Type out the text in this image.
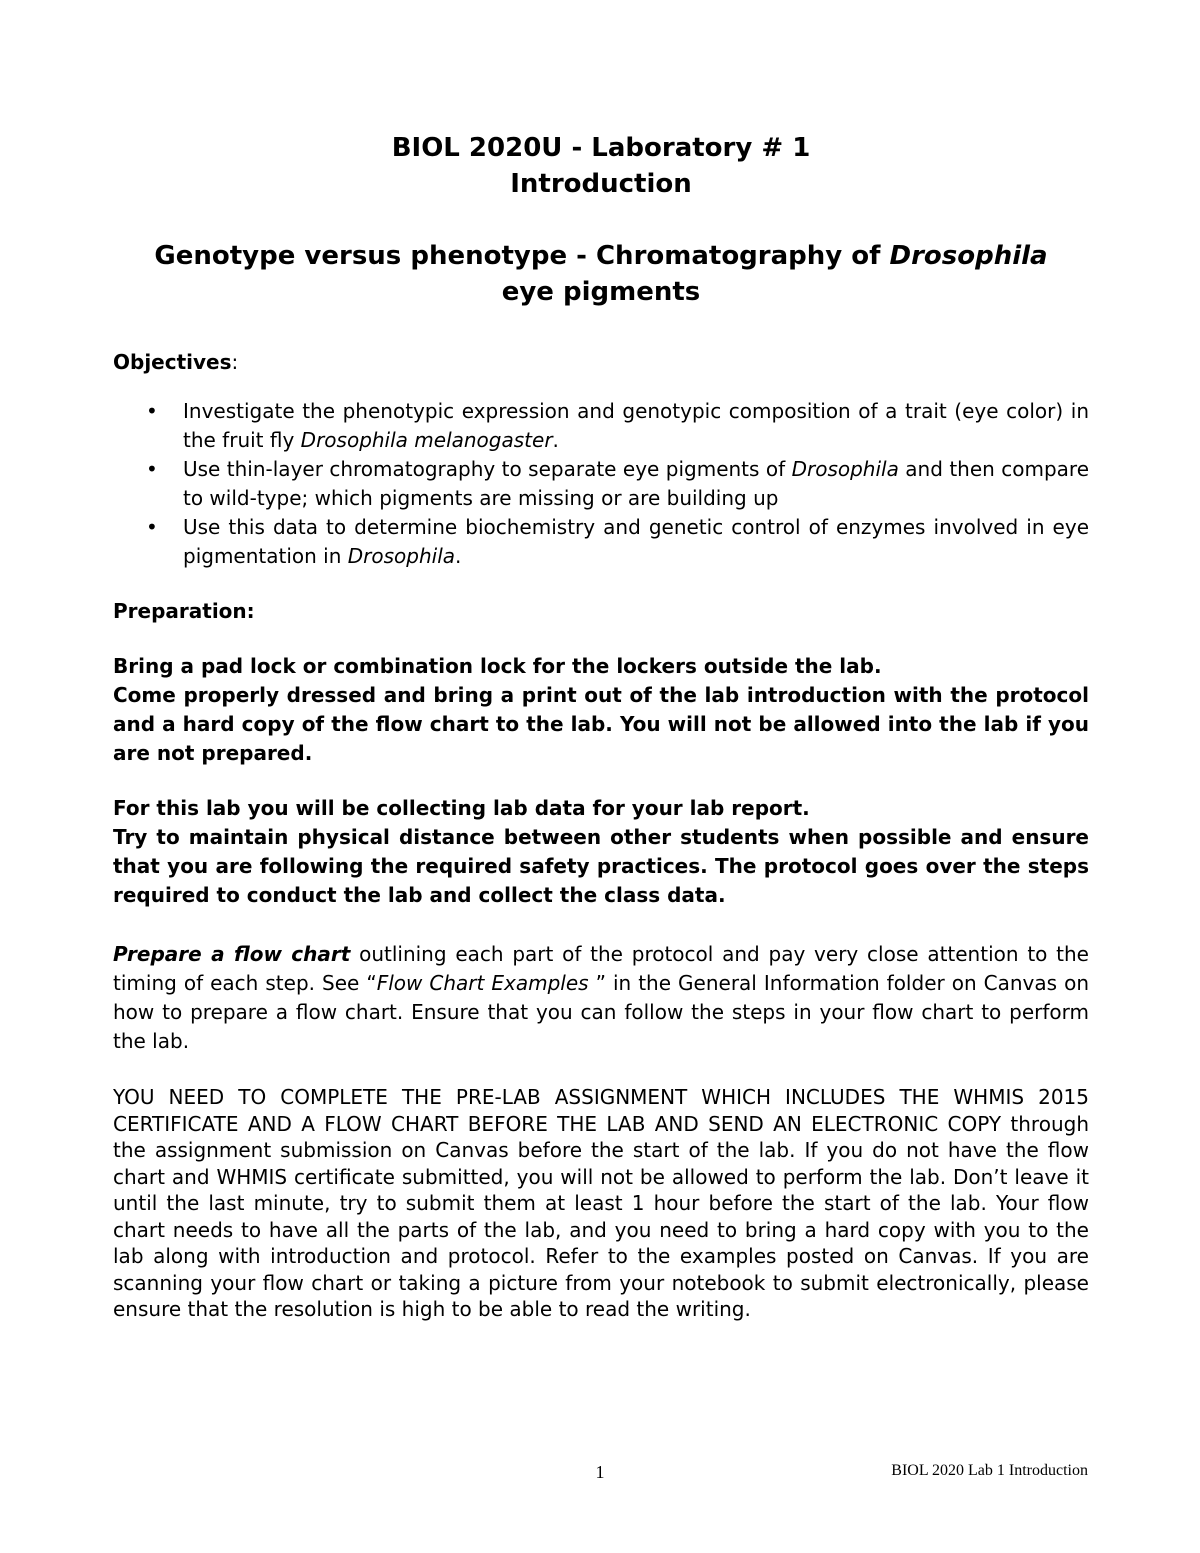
BIOL 2020U - Laboratory # 1
Introduction
Genotype versus phenotype - Chromatography of Drosophila
eye pigments
Objectives:
• Investigate the phenotypic expression and genotypic composition of a trait (eye color) in the fruit fly Drosophila melanogaster.
• Use thin-layer chromatography to separate eye pigments of Drosophila and then compare to wild-type; which pigments are missing or are building up
• Use this data to determine biochemistry and genetic control of enzymes involved in eye pigmentation in Drosophila.
Preparation:
Bring a pad lock or combination lock for the lockers outside the lab.
Come properly dressed and bring a print out of the lab introduction with the protocol and a hard copy of the flow chart to the lab. You will not be allowed into the lab if you are not prepared.
For this lab you will be collecting lab data for your lab report.
Try to maintain physical distance between other students when possible and ensure that you are following the required safety practices. The protocol goes over the steps required to conduct the lab and collect the class data.
Prepare a flow chart outlining each part of the protocol and pay very close attention to the timing of each step. See “Flow Chart Examples ” in the General Information folder on Canvas on how to prepare a flow chart. Ensure that you can follow the steps in your flow chart to perform the lab.
YOU NEED TO COMPLETE THE PRE-LAB ASSIGNMENT WHICH INCLUDES THE WHMIS 2015 CERTIFICATE AND A FLOW CHART BEFORE THE LAB AND SEND AN ELECTRONIC COPY through the assignment submission on Canvas before the start of the lab. If you do not have the flow chart and WHMIS certificate submitted, you will not be allowed to perform the lab. Don’t leave it until the last minute, try to submit them at least 1 hour before the start of the lab. Your flow chart needs to have all the parts of the lab, and you need to bring a hard copy with you to the lab along with introduction and protocol. Refer to the examples posted on Canvas. If you are scanning your flow chart or taking a picture from your notebook to submit electronically, please ensure that the resolution is high to be able to read the writing.
1	BIOL 2020 Lab 1 Introduction
